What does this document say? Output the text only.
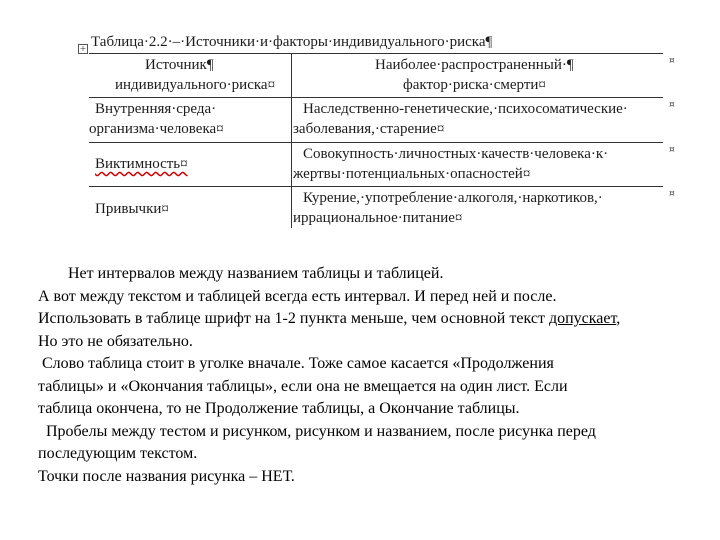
+ Таблица·2.2·–·Источники·и·факторы·индивидуального·риска¶
Источник¶
индивидуального·риска¤
Наиболее·распространенный·¶
фактор·риска·смерти¤
¤
Внутренняя·среда·
организма·человека¤
Наследственно-генетические,·психосоматические·
заболевания,·старение¤
¤
Виктимность¤
Совокупность·личностных·качеств·человека·к·
жертвы·потенциальных·опасностей¤
¤
Привычки¤
Курение,·употребление·алкоголя,·наркотиков,·
иррациональное·питание¤
¤

Нет интервалов между названием таблицы и таблицей.

А вот между текстом и таблицей всегда есть интервал. И перед ней и после.

Использовать в таблице шрифт на 1-2 пункта меньше, чем основной текст допускает,

Но это не обязательно.

Слово таблица стоит в уголке вначале. Тоже самое касается «Продолжения

таблицы» и «Окончания таблицы», если она не вмещается на один лист. Если

таблица окончена, то не Продолжение таблицы, а Окончание таблицы.

Пробелы между тестом и рисунком, рисунком и названием, после рисунка перед

последующим текстом.

Точки после названия рисунка – НЕТ.
